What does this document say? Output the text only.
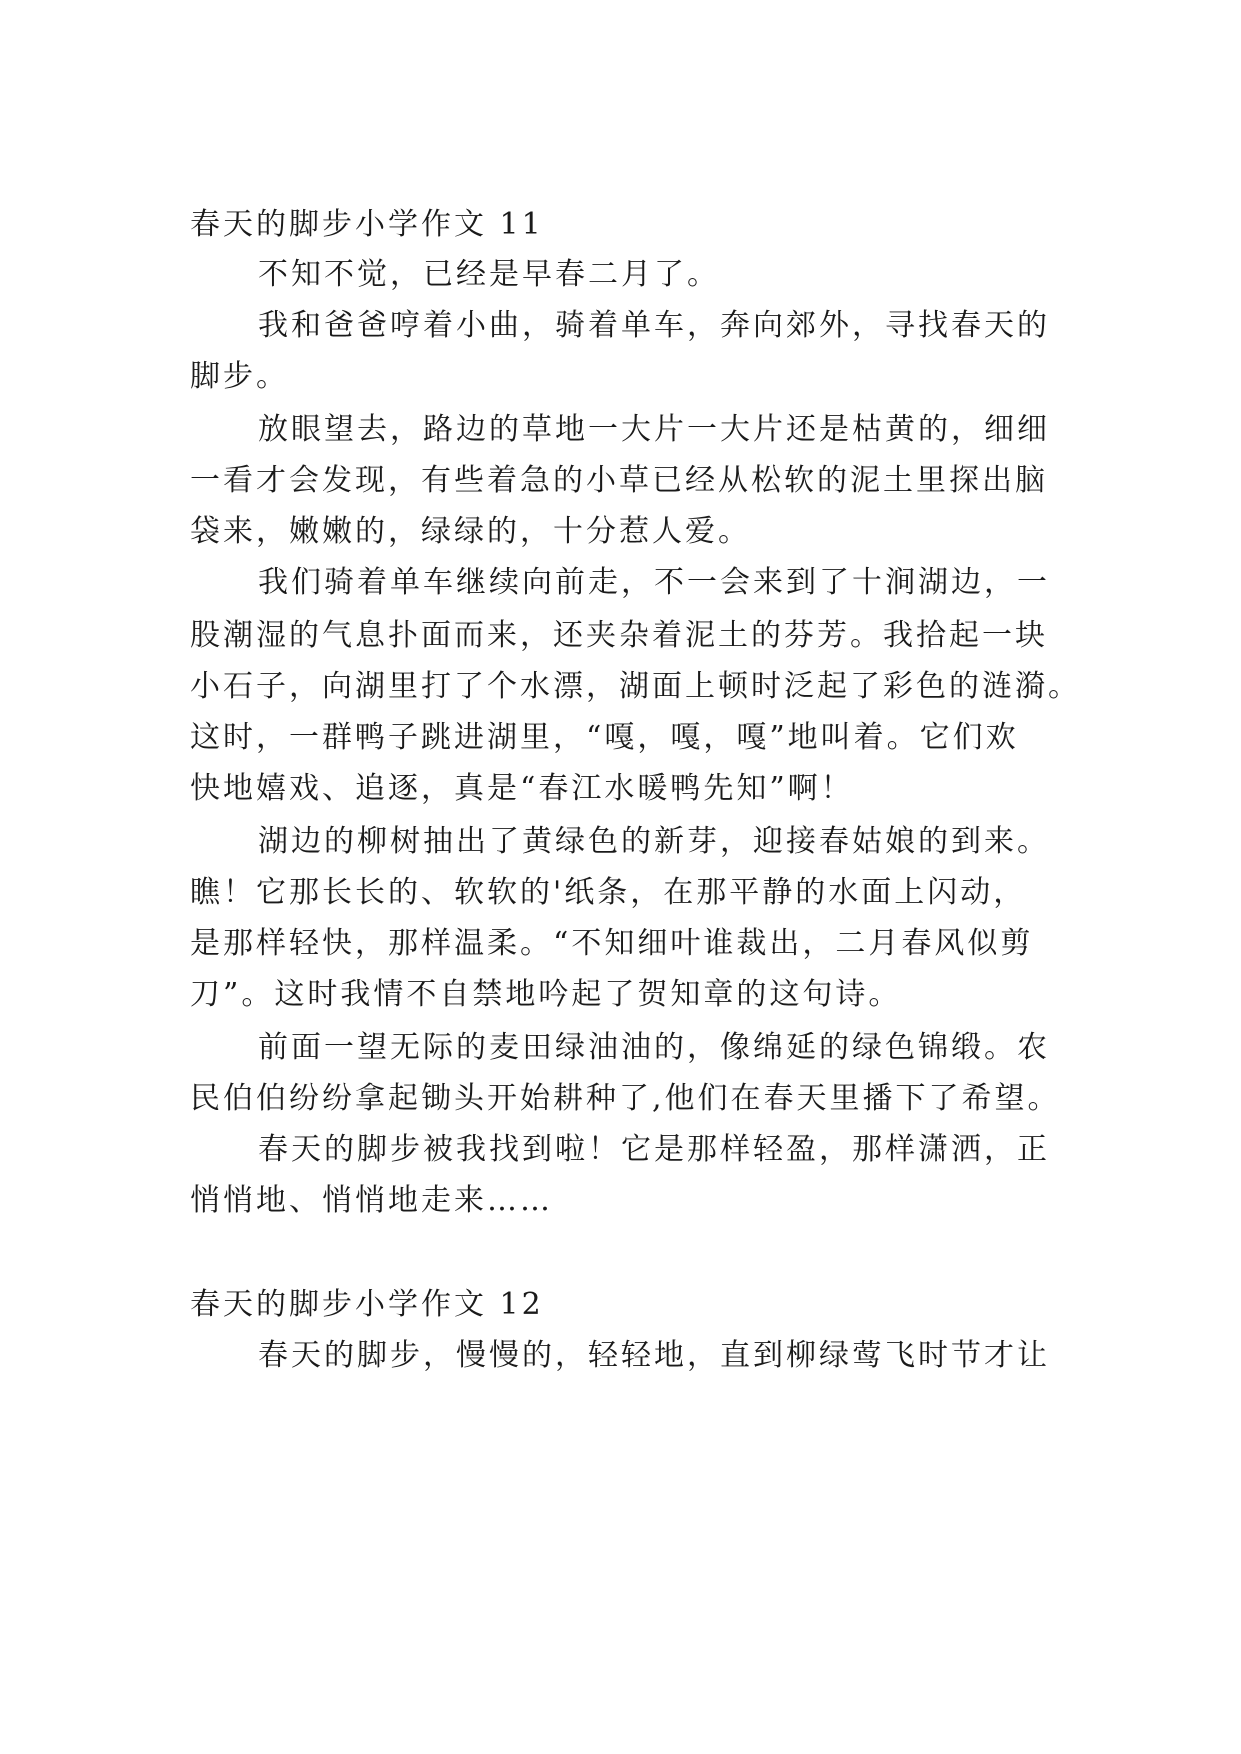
春天的脚步小学作文 11
不知不觉，已经是早春二月了。
我和爸爸哼着小曲，骑着单车，奔向郊外，寻找春天的
脚步。
放眼望去，路边的草地一大片一大片还是枯黄的，细细
一看才会发现，有些着急的小草已经从松软的泥土里探出脑
袋来，嫩嫩的，绿绿的，十分惹人爱。
我们骑着单车继续向前走，不一会来到了十涧湖边，一
股潮湿的气息扑面而来，还夹杂着泥土的芬芳。我拾起一块
小石子，向湖里打了个水漂，湖面上顿时泛起了彩色的涟漪。
这时，一群鸭子跳进湖里，“嘎，嘎，嘎”地叫着。它们欢
快地嬉戏、追逐，真是“春江水暖鸭先知”啊！
湖边的柳树抽出了黄绿色的新芽，迎接春姑娘的到来。
瞧！它那长长的、软软的'纸条，在那平静的水面上闪动，
是那样轻快，那样温柔。“不知细叶谁裁出，二月春风似剪
刀”。这时我情不自禁地吟起了贺知章的这句诗。
前面一望无际的麦田绿油油的，像绵延的绿色锦缎。农
民伯伯纷纷拿起锄头开始耕种了,他们在春天里播下了希望。
春天的脚步被我找到啦！它是那样轻盈，那样潇洒，正
悄悄地、悄悄地走来……
春天的脚步小学作文 12
春天的脚步，慢慢的，轻轻地，直到柳绿莺飞时节才让
